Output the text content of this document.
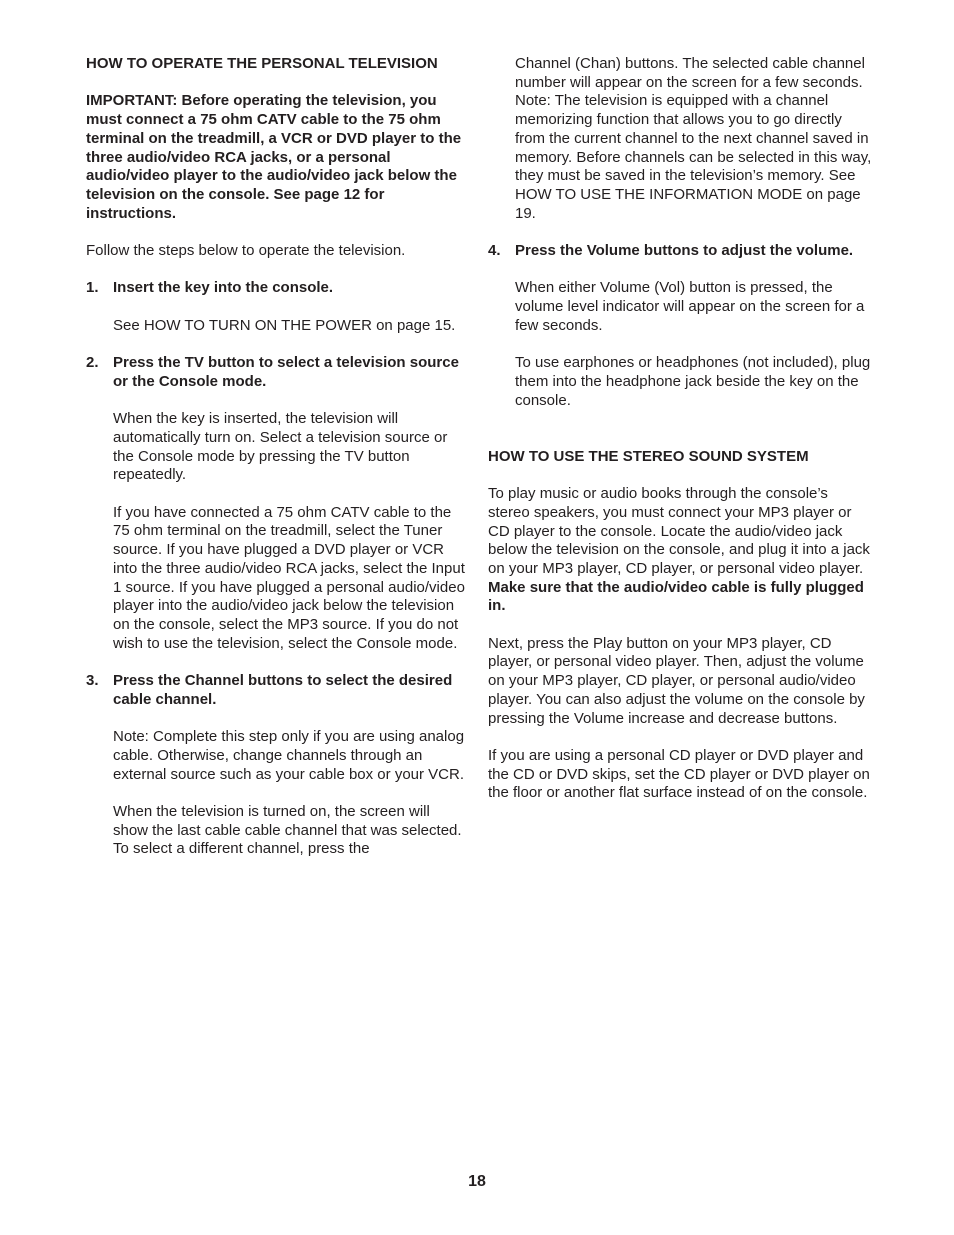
HOW TO OPERATE THE PERSONAL TELEVISION

IMPORTANT: Before operating the television, you must connect a 75 ohm CATV cable to the 75 ohm terminal on the treadmill, a VCR or DVD player to the three audio/video RCA jacks, or a personal audio/video player to the audio/video jack below the television on the console. See page 12 for instructions.

Follow the steps below to operate the television.

1. Insert the key into the console.

See HOW TO TURN ON THE POWER on page 15.

2. Press the TV button to select a television source or the Console mode.

When the key is inserted, the television will automatically turn on. Select a television source or the Console mode by pressing the TV button repeatedly.

If you have connected a 75 ohm CATV cable to the 75 ohm terminal on the treadmill, select the Tuner source. If you have plugged a DVD player or VCR into the three audio/video RCA jacks, select the Input 1 source. If you have plugged a personal audio/video player into the audio/video jack below the television on the console, select the MP3 source. If you do not wish to use the television, select the Console mode.

3. Press the Channel buttons to select the desired cable channel.

Note: Complete this step only if you are using analog cable. Otherwise, change channels through an external source such as your cable box or your VCR.

When the television is turned on, the screen will show the last cable cable channel that was selected. To select a different channel, press the

Channel (Chan) buttons. The selected cable channel number will appear on the screen for a few seconds. Note: The television is equipped with a channel memorizing function that allows you to go directly from the current channel to the next channel saved in memory. Before channels can be selected in this way, they must be saved in the television’s memory. See HOW TO USE THE INFORMATION MODE on page 19.

4. Press the Volume buttons to adjust the volume.

When either Volume (Vol) button is pressed, the volume level indicator will appear on the screen for a few seconds.

To use earphones or headphones (not included), plug them into the headphone jack beside the key on the console.

HOW TO USE THE STEREO SOUND SYSTEM

To play music or audio books through the console’s stereo speakers, you must connect your MP3 player or CD player to the console. Locate the audio/video jack below the television on the console, and plug it into a jack on your MP3 player, CD player, or personal video player. Make sure that the audio/video cable is fully plugged in.

Next, press the Play button on your MP3 player, CD player, or personal video player. Then, adjust the volume on your MP3 player, CD player, or personal audio/video player. You can also adjust the volume on the console by pressing the Volume increase and decrease buttons.

If you are using a personal CD player or DVD player and the CD or DVD skips, set the CD player or DVD player on the floor or another flat surface instead of on the console.

18
